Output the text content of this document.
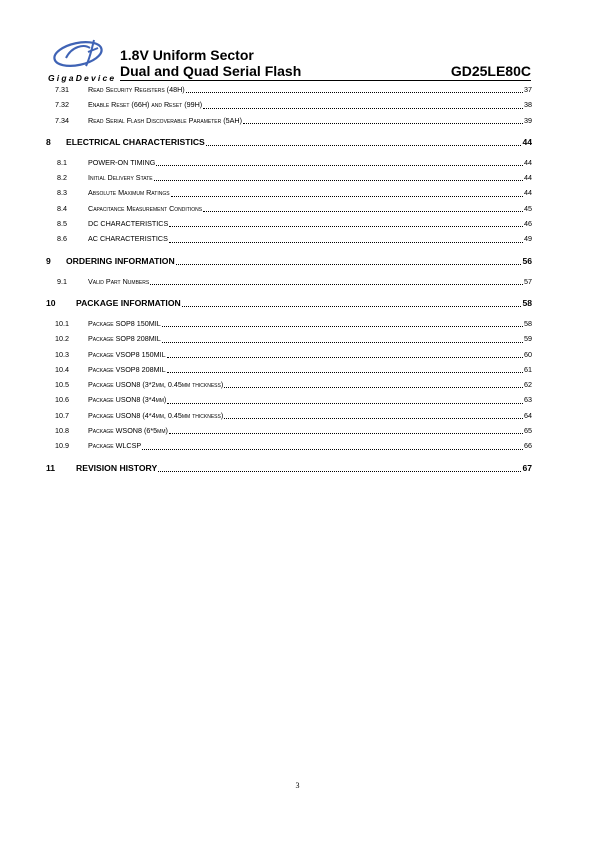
GigaDevice
1.8V Uniform Sector
Dual and Quad Serial Flash	GD25LE80C
7.31	Read Security Registers (48H)	37
7.32	Enable Reset (66H) and Reset (99H)	38
7.34	Read Serial Flash Discoverable Parameter (5AH)	39
8	ELECTRICAL CHARACTERISTICS	44
8.1	POWER-ON TIMING	44
8.2	Initial Delivery State	44
8.3	Absolute Maximum Ratings	44
8.4	Capacitance Measurement Conditions	45
8.5	DC CHARACTERISTICS	46
8.6	AC CHARACTERISTICS	49
9	ORDERING INFORMATION	56
9.1	Valid Part Numbers	57
10	PACKAGE INFORMATION	58
10.1	Package SOP8 150MIL	58
10.2	Package SOP8 208MIL	59
10.3	Package VSOP8 150MIL	60
10.4	Package VSOP8 208MIL	61
10.5	Package USON8 (3*2mm, 0.45mm thickness)	62
10.6	Package USON8 (3*4mm)	63
10.7	Package USON8 (4*4mm, 0.45mm thickness)	64
10.8	Package WSON8 (6*5mm)	65
10.9	Package WLCSP	66
11	REVISION HISTORY	67
3
